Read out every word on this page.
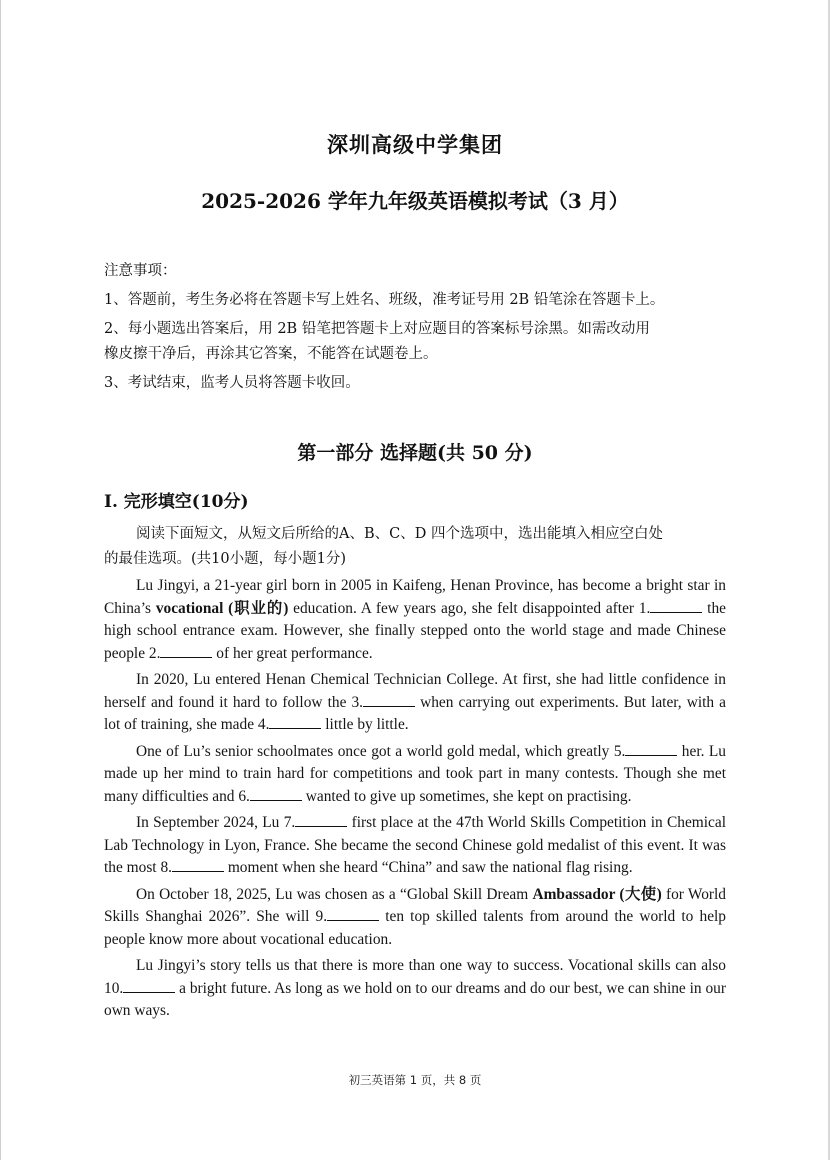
深圳高级中学集团
2025-2026 学年九年级英语模拟考试（3 月）
注意事项：
1、答题前，考生务必将在答题卡写上姓名、班级，准考证号用 2B 铅笔涂在答题卡上。
2、每小题选出答案后，用 2B 铅笔把答题卡上对应题目的答案标号涂黑。如需改动用
橡皮擦干净后，再涂其它答案，不能答在试题卷上。
3、考试结束，监考人员将答题卡收回。
第一部分 选择题(共 50 分)
I. 完形填空(10分)
阅读下面短文，从短文后所给的A、B、C、D 四个选项中，选出能填入相应空白处
的最佳选项。(共10小题，每小题1分)

Lu Jingyi, a 21-year girl born in 2005 in Kaifeng, Henan Province, has become a bright star in China’s vocational (职业的) education. A few years ago, she felt disappointed after 1.	the high school entrance exam. However, she finally stepped onto the world stage and made Chinese people 2.	of her great performance.

In 2020, Lu entered Henan Chemical Technician College. At first, she had little confidence in herself and found it hard to follow the 3.	when carrying out experiments. But later, with a lot of training, she made 4.	little by little.

One of Lu’s senior schoolmates once got a world gold medal, which greatly 5.	her. Lu made up her mind to train hard for competitions and took part in many contests. Though she met many difficulties and 6.	wanted to give up sometimes, she kept on practising.

In September 2024, Lu 7.	first place at the 47th World Skills Competition in Chemical Lab Technology in Lyon, France. She became the second Chinese gold medalist of this event. It was the most 8.	moment when she heard “China” and saw the national flag rising.

On October 18, 2025, Lu was chosen as a “Global Skill Dream Ambassador (大使) for World Skills Shanghai 2026”. She will 9.	ten top skilled talents from around the world to help people know more about vocational education.

Lu Jingyi’s story tells us that there is more than one way to success. Vocational skills can also 10.	a bright future. As long as we hold on to our dreams and do our best, we can shine in our own ways.

初三英语第 1 页，共 8 页
